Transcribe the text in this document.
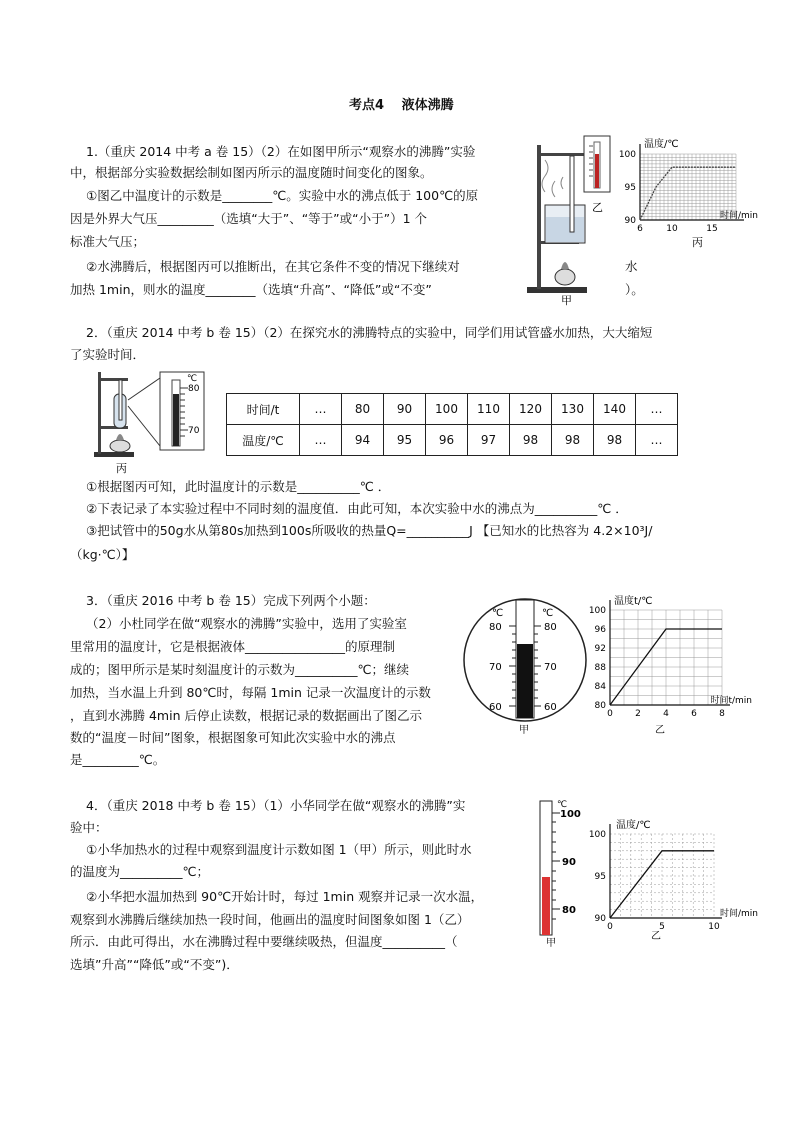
考点4　 液体沸腾
1.（重庆 2014 中考 a 卷 15）（2）在如图甲所示“观察水的沸腾”实验
中，根据部分实验数据绘制如图丙所示的温度随时间变化的图象。
①图乙中温度计的示数是________℃。实验中水的沸点低于 100℃的原
因是外界大气压_________（选填“大于”、“等于”或“小于”）1 个
标准大气压；
②水沸腾后，根据图丙可以推断出，在其它条件不变的情况下继续对
加热 1min，则水的温度________（选填“升高”、“降低”或“不变”
水
）。
甲
乙
温度/℃
100
95
90
6	10	15
时间/min
丙
2．（重庆 2014 中考 b 卷 15）（2）在探究水的沸腾特点的实验中，同学们用试管盛水加热，大大缩短
了实验时间．
℃
80
70
丙
时间/t	…	80	90	100	110	120	130	140	…
温度/℃	…	94	95	96	97	98	98	98	…
①根据图丙可知，此时温度计的示数是__________℃ ．
②下表记录了本实验过程中不同时刻的温度值．由此可知，本次实验中水的沸点为__________℃ ．
③把试管中的50g水从第80s加热到100s所吸收的热量Q=__________J 【已知水的比热容为 4.2×10³J/
（kg·℃）】
3．（重庆 2016 中考 b 卷 15）完成下列两个小题：
（2）小杜同学在做“观察水的沸腾”实验中，选用了实验室
里常用的温度计，它是根据液体________________的原理制
成的；图甲所示是某时刻温度计的示数为__________℃；继续
加热，当水温上升到 80℃时，每隔 1min 记录一次温度计的示数
，直到水沸腾 4min 后停止读数，根据记录的数据画出了图乙示
数的“温度－时间”图象，根据图象可知此次实验中水的沸点
是_________℃。
℃	℃
80	80
70	70
60	60
甲
温度t/℃
100
96
92
88
84
80
0 2 4 6 8
时间t/min
乙
4．（重庆 2018 中考 b 卷 15）（1）小华同学在做“观察水的沸腾”实
验中：
①小华加热水的过程中观察到温度计示数如图 1（甲）所示，则此时水
的温度为__________℃；
②小华把水温加热到 90℃开始计时，每过 1min 观察并记录一次水温，
观察到水沸腾后继续加热一段时间，他画出的温度时间图象如图 1（乙）
所示．由此可得出，水在沸腾过程中要继续吸热，但温度__________（
选填”升高”“降低”或“不变”)．
℃
100
90
80
甲
温度/℃
100
95
90
0	5	10
时间/min
乙
